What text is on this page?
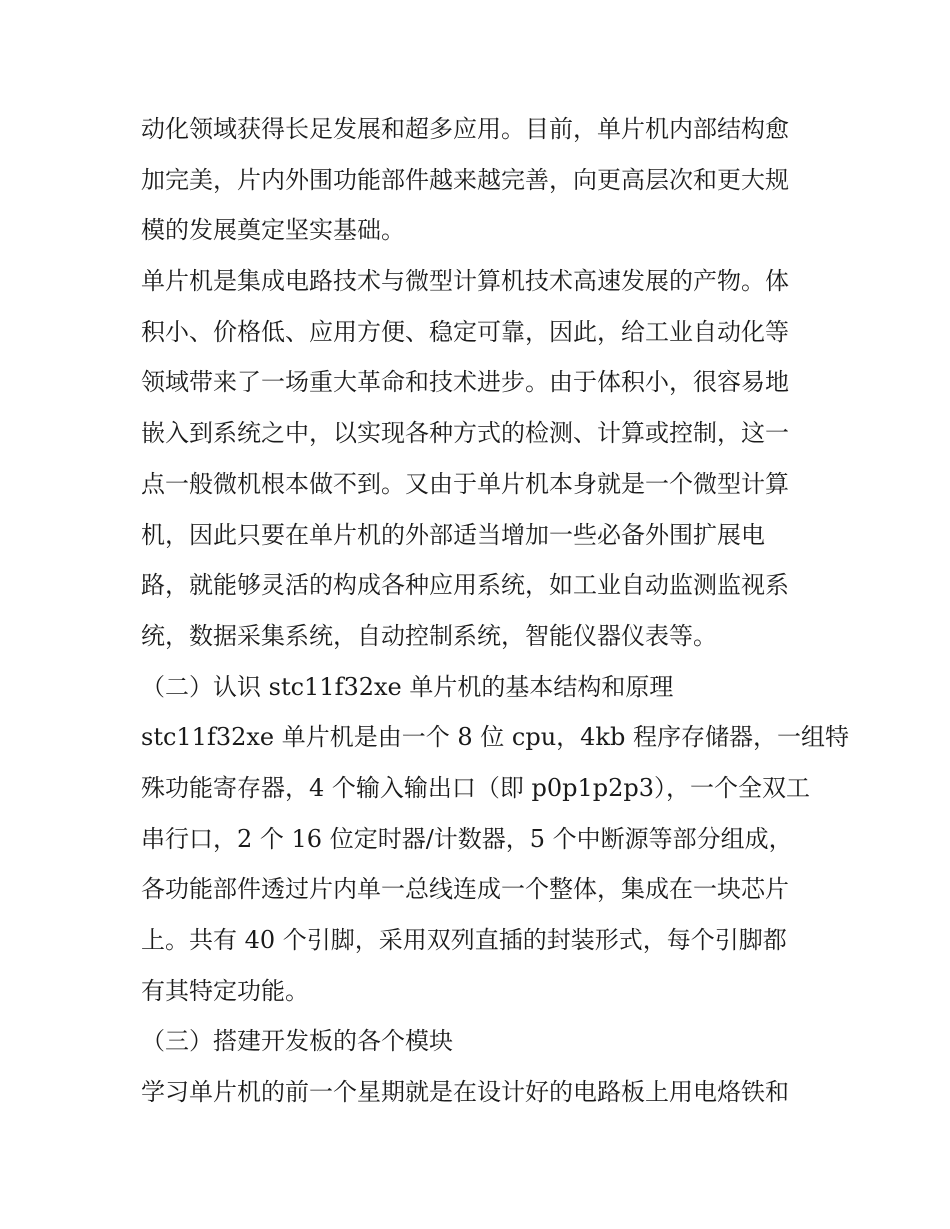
动化领域获得长足发展和超多应用。目前，单片机内部结构愈
加完美，片内外围功能部件越来越完善，向更高层次和更大规
模的发展奠定坚实基础。
单片机是集成电路技术与微型计算机技术高速发展的产物。体
积小、价格低、应用方便、稳定可靠，因此，给工业自动化等
领域带来了一场重大革命和技术进步。由于体积小，很容易地
嵌入到系统之中，以实现各种方式的检测、计算或控制，这一
点一般微机根本做不到。又由于单片机本身就是一个微型计算
机，因此只要在单片机的外部适当增加一些必备外围扩展电
路，就能够灵活的构成各种应用系统，如工业自动监测监视系
统，数据采集系统，自动控制系统，智能仪器仪表等。
（二）认识 stc11f32xe 单片机的基本结构和原理
stc11f32xe 单片机是由一个 8 位 cpu，4kb 程序存储器，一组特
殊功能寄存器，4 个输入输出口（即 p0p1p2p3），一个全双工
串行口，2 个 16 位定时器/计数器，5 个中断源等部分组成，
各功能部件透过片内单一总线连成一个整体，集成在一块芯片
上。共有 40 个引脚，采用双列直插的封装形式，每个引脚都
有其特定功能。
（三）搭建开发板的各个模块
学习单片机的前一个星期就是在设计好的电路板上用电烙铁和
